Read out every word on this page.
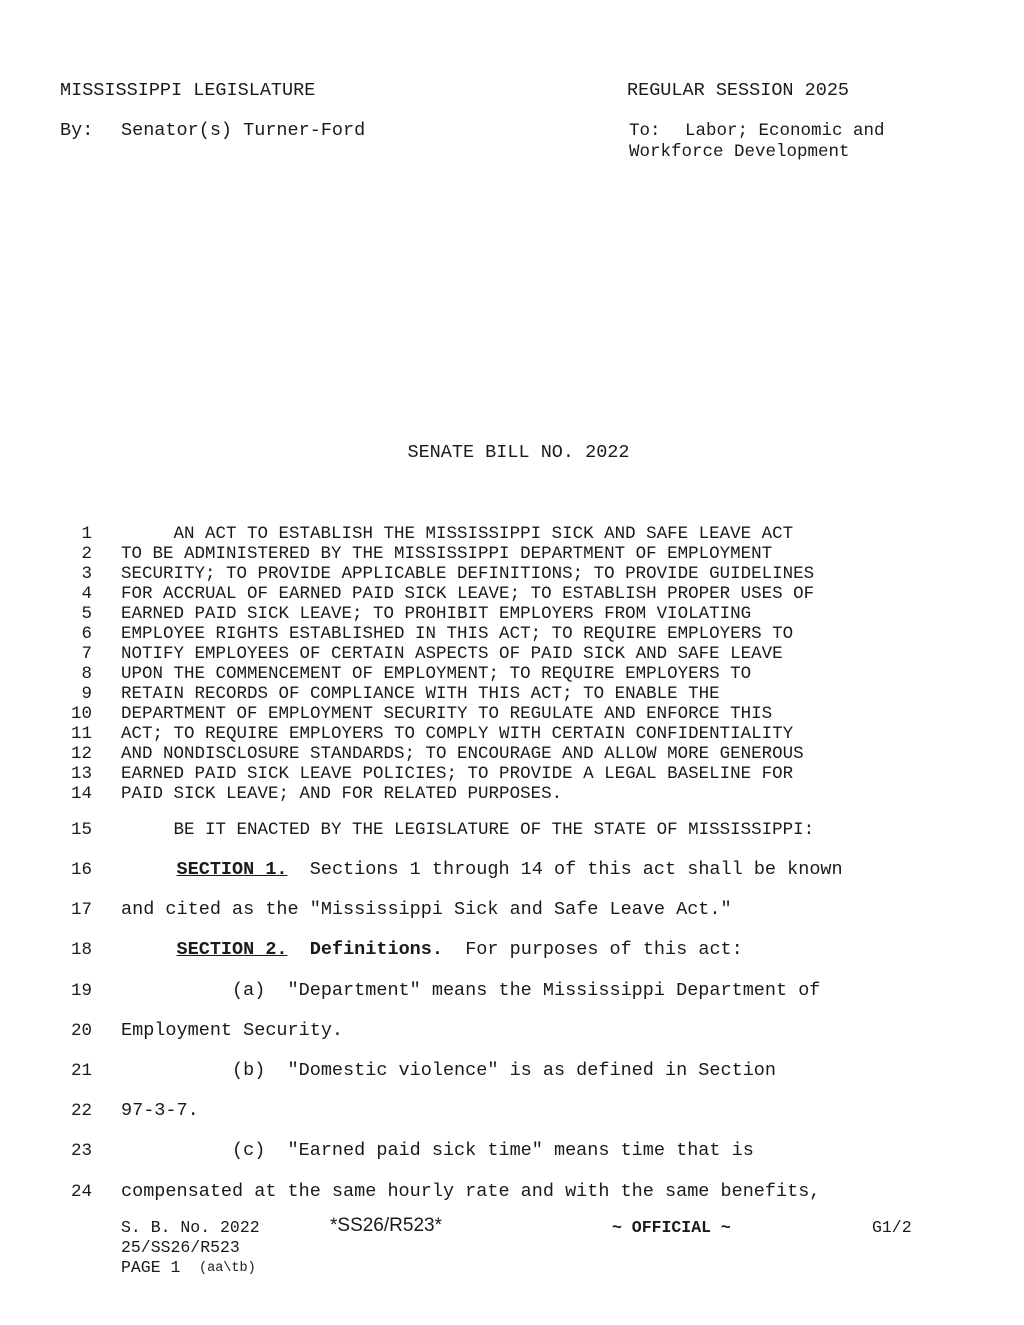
MISSISSIPPI LEGISLATURE	REGULAR SESSION 2025
By: Senator(s) Turner-Ford	To: Labor; Economic and
Workforce Development
SENATE BILL NO. 2022
1 AN ACT TO ESTABLISH THE MISSISSIPPI SICK AND SAFE LEAVE ACT
2 TO BE ADMINISTERED BY THE MISSISSIPPI DEPARTMENT OF EMPLOYMENT
3 SECURITY; TO PROVIDE APPLICABLE DEFINITIONS; TO PROVIDE GUIDELINES
4 FOR ACCRUAL OF EARNED PAID SICK LEAVE; TO ESTABLISH PROPER USES OF
5 EARNED PAID SICK LEAVE; TO PROHIBIT EMPLOYERS FROM VIOLATING
6 EMPLOYEE RIGHTS ESTABLISHED IN THIS ACT; TO REQUIRE EMPLOYERS TO
7 NOTIFY EMPLOYEES OF CERTAIN ASPECTS OF PAID SICK AND SAFE LEAVE
8 UPON THE COMMENCEMENT OF EMPLOYMENT; TO REQUIRE EMPLOYERS TO
9 RETAIN RECORDS OF COMPLIANCE WITH THIS ACT; TO ENABLE THE
10 DEPARTMENT OF EMPLOYMENT SECURITY TO REGULATE AND ENFORCE THIS
11 ACT; TO REQUIRE EMPLOYERS TO COMPLY WITH CERTAIN CONFIDENTIALITY
12 AND NONDISCLOSURE STANDARDS; TO ENCOURAGE AND ALLOW MORE GENEROUS
13 EARNED PAID SICK LEAVE POLICIES; TO PROVIDE A LEGAL BASELINE FOR
14 PAID SICK LEAVE; AND FOR RELATED PURPOSES.
15 BE IT ENACTED BY THE LEGISLATURE OF THE STATE OF MISSISSIPPI:
16	SECTION 1.  Sections 1 through 14 of this act shall be known
17 and cited as the "Mississippi Sick and Safe Leave Act."
18	SECTION 2. Definitions.  For purposes of this act:
19 (a)  "Department" means the Mississippi Department of
20 Employment Security.
21 (b)  "Domestic violence" is as defined in Section
22 97-3-7.
23 (c)  "Earned paid sick time" means time that is
24 compensated at the same hourly rate and with the same benefits,
S. B. No. 2022	*SS26/R523*	~ OFFICIAL ~	G1/2
25/SS26/R523
PAGE 1 (aa\tb)
